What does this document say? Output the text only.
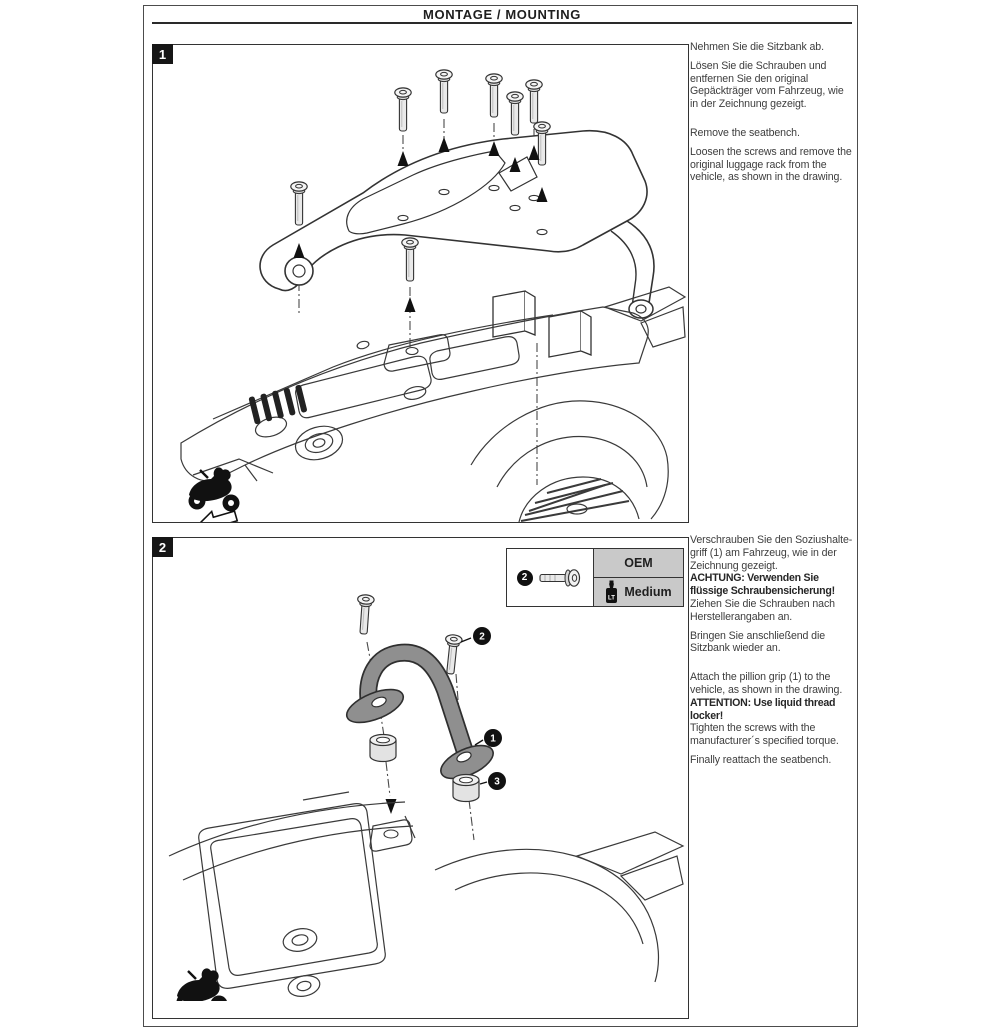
MONTAGE / MOUNTING
1	Nehmen Sie die Sitzbank ab.

Lösen Sie die Schrauben und entfernen Sie den original Gepäckträger vom Fahrzeug, wie in der Zeichnung gezeigt.

Remove the seatbench.

Loosen the screws and remove the original luggage rack from the vehicle, as shown in the drawing.

2
2
OEM
LT Medium
2
1
3

Verschrauben Sie den Soziushalte-griff (1) am Fahrzeug, wie in der Zeichnung gezeigt.

ACHTUNG: Verwenden Sie flüssige Schraubensicherung!

Ziehen Sie die Schrauben nach Herstellerangaben an.

Bringen Sie anschließend die Sitzbank wieder an.

Attach the pillion grip (1) to the vehicle, as shown in the drawing.

ATTENTION: Use liquid thread locker!

Tighten the screws with the manufacturer´s specified torque.

Finally reattach the seatbench.
